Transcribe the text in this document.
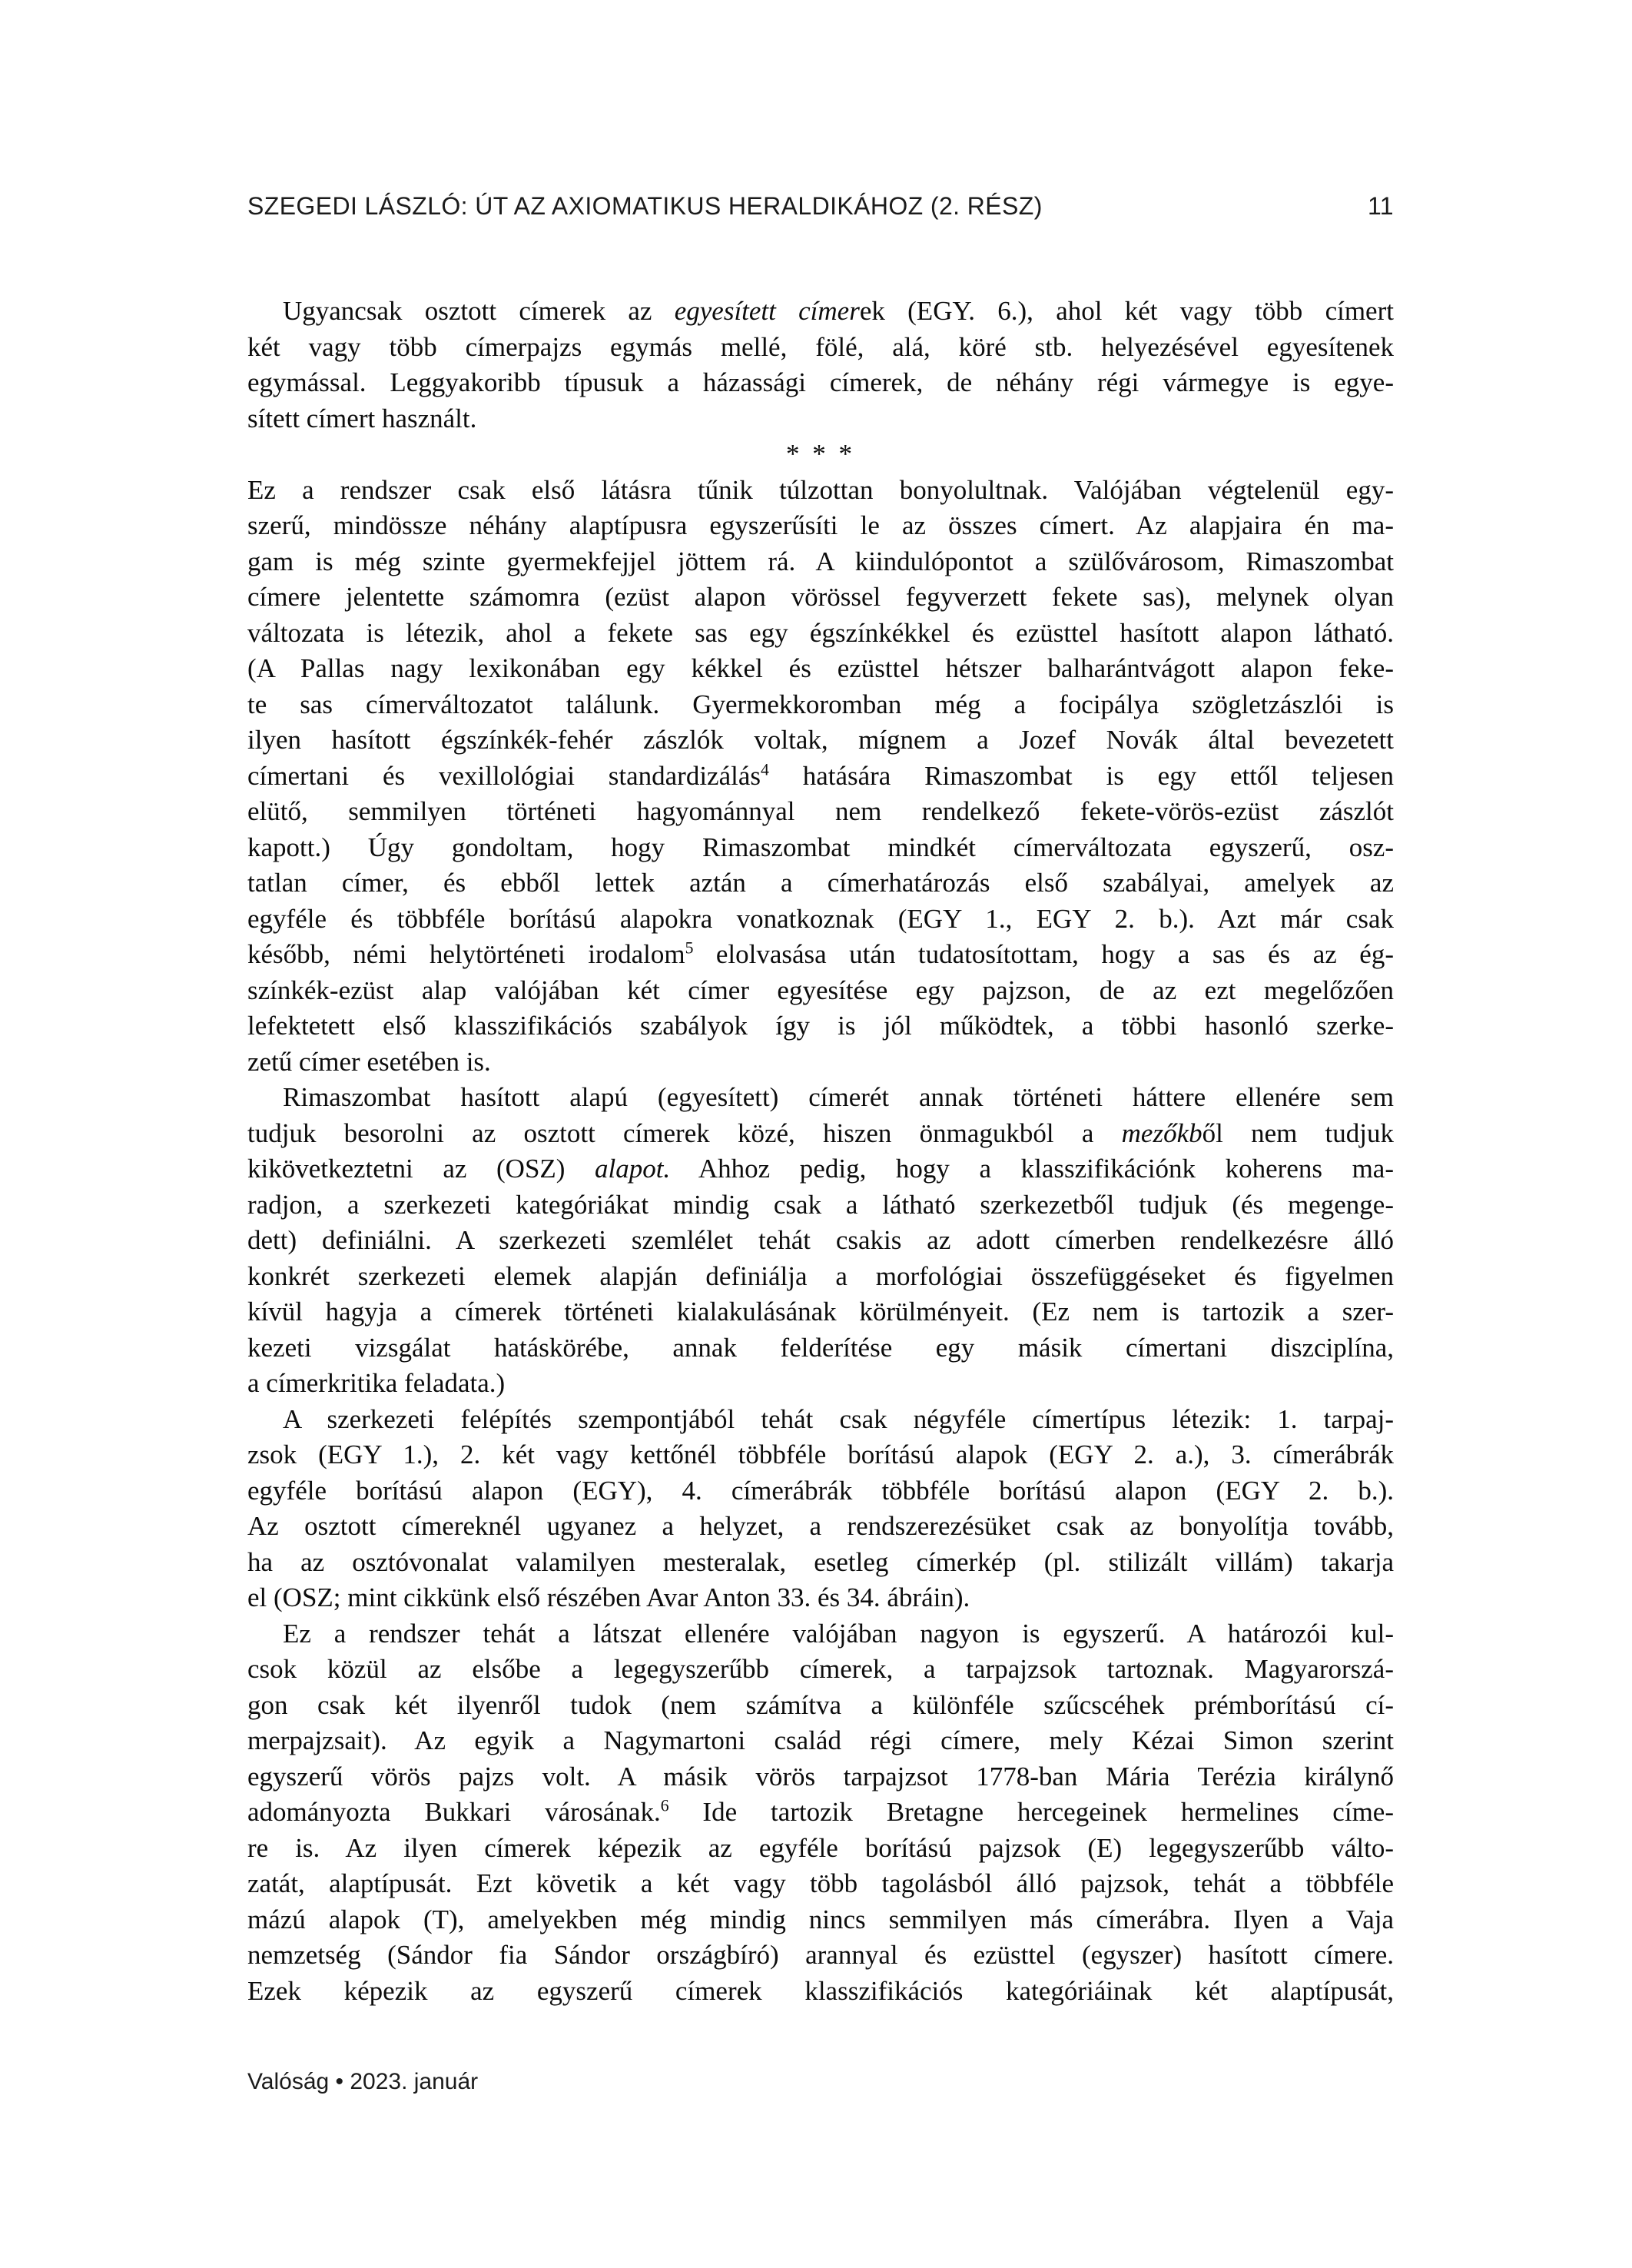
SZEGEDI LÁSZLÓ: ÚT AZ AXIOMATIKUS HERALDIKÁHOZ (2. RÉSZ)	11

Ugyancsak osztott címerek az egyesített címerek (EGY. 6.), ahol két vagy több címert
két vagy több címerpajzs egymás mellé, fölé, alá, köré stb. helyezésével egyesítenek
egymással. Leggyakoribb típusuk a házassági címerek, de néhány régi vármegye is egye-
sített címert használt.

* * *

Ez a rendszer csak első látásra tűnik túlzottan bonyolultnak. Valójában végtelenül egy-
szerű, mindössze néhány alaptípusra egyszerűsíti le az összes címert. Az alapjaira én ma-
gam is még szinte gyermekfejjel jöttem rá. A kiindulópontot a szülővárosom, Rimaszombat
címere jelentette számomra (ezüst alapon vörössel fegyverzett fekete sas), melynek olyan
változata is létezik, ahol a fekete sas egy égszínkékkel és ezüsttel hasított alapon látható.
(A Pallas nagy lexikonában egy kékkel és ezüsttel hétszer balharántvágott alapon feke-
te sas címerváltozatot találunk. Gyermekkoromban még a focipálya szögletzászlói is
ilyen hasított égszínkék-fehér zászlók voltak, mígnem a Jozef Novák által bevezetett
címertani és vexillológiai standardizálás$^4$ hatására Rimaszombat is egy ettől teljesen
elütő, semmilyen történeti hagyománnyal nem rendelkező fekete-vörös-ezüst zászlót
kapott.) Úgy gondoltam, hogy Rimaszombat mindkét címerváltozata egyszerű, osz-
tatlan címer, és ebből lettek aztán a címerhatározás első szabályai, amelyek az
egyféle és többféle borítású alapokra vonatkoznak (EGY 1., EGY 2. b.). Azt már csak
később, némi helytörténeti irodalom$^5$ elolvasása után tudatosítottam, hogy a sas és az ég-
színkék-ezüst alap valójában két címer egyesítése egy pajzson, de az ezt megelőzően
lefektetett első klasszifikációs szabályok így is jól működtek, a többi hasonló szerke-
zetű címer esetében is.

Rimaszombat hasított alapú (egyesített) címerét annak történeti háttere ellenére sem
tudjuk besorolni az osztott címerek közé, hiszen önmagukból a mezőkből nem tudjuk
kikövetkeztetni az (OSZ) alapot. Ahhoz pedig, hogy a klasszifikációnk koherens ma-
radjon, a szerkezeti kategóriákat mindig csak a látható szerkezetből tudjuk (és megenge-
dett) definiálni. A szerkezeti szemlélet tehát csakis az adott címerben rendelkezésre álló
konkrét szerkezeti elemek alapján definiálja a morfológiai összefüggéseket és figyelmen
kívül hagyja a címerek történeti kialakulásának körülményeit. (Ez nem is tartozik a szer-
kezeti vizsgálat hatáskörébe, annak felderítése egy másik címertani diszciplína,
a címerkritika feladata.)

A szerkezeti felépítés szempontjából tehát csak négyféle címertípus létezik: 1. tarpaj-
zsok (EGY 1.), 2. két vagy kettőnél többféle borítású alapok (EGY 2. a.), 3. címerábrák
egyféle borítású alapon (EGY), 4. címerábrák többféle borítású alapon (EGY 2. b.).
Az osztott címereknél ugyanez a helyzet, a rendszerezésüket csak az bonyolítja tovább,
ha az osztóvonalat valamilyen mesteralak, esetleg címerkép (pl. stilizált villám) takarja
el (OSZ; mint cikkünk első részében Avar Anton 33. és 34. ábráin).

Ez a rendszer tehát a látszat ellenére valójában nagyon is egyszerű. A határozói kul-
csok közül az elsőbe a legegyszerűbb címerek, a tarpajzsok tartoznak. Magyarorszá-
gon csak két ilyenről tudok (nem számítva a különféle szűcscéhek prémborítású cí-
merpajzsait). Az egyik a Nagymartoni család régi címere, mely Kézai Simon szerint
egyszerű vörös pajzs volt. A másik vörös tarpajzsot 1778-ban Mária Terézia királynő
adományozta Bukkari városának.$^6$ Ide tartozik Bretagne hercegeinek hermelines címe-
re is. Az ilyen címerek képezik az egyféle borítású pajzsok (E) legegyszerűbb válto-
zatát, alaptípusát. Ezt követik a két vagy több tagolásból álló pajzsok, tehát a többféle
mázú alapok (T), amelyekben még mindig nincs semmilyen más címerábra. Ilyen a Vaja
nemzetség (Sándor fia Sándor országbíró) arannyal és ezüsttel (egyszer) hasított címere.
Ezek képezik az egyszerű címerek klasszifikációs kategóriáinak két alaptípusát,

Valóság • 2023. január
